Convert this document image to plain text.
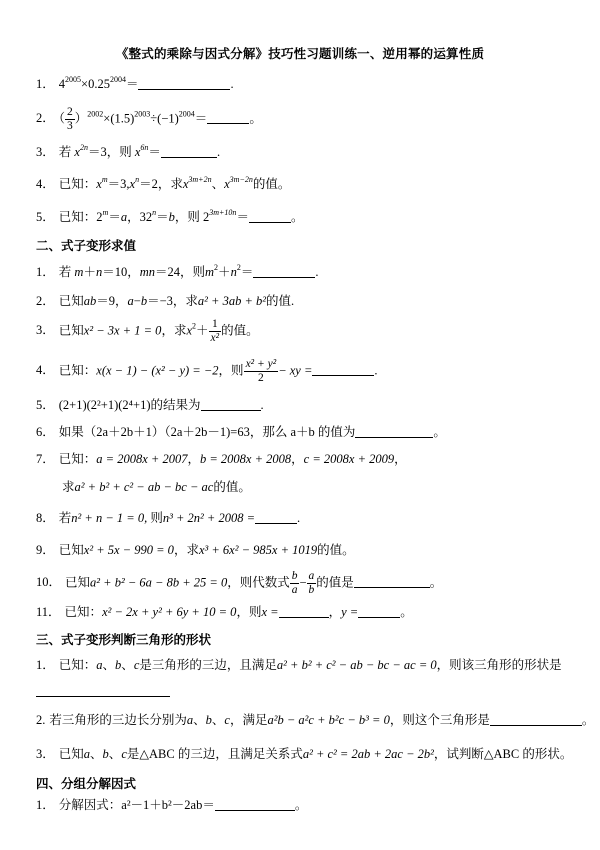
《整式的乘除与因式分解》技巧性习题训练一、逆用幂的运算性质
1． $4^{2005}\times 0.25^{2004}=$	.
2． （ $\frac{2}{3} )^{2002}\times(1.5)^{2003}\div(-1)^{2004}=$	。
3． 若 $x^{2n}=3$，则 $x^{6n}=$	.
4． 已知：$x^m=3,x^n=2$，求$x^{3m+2n}$、$x^{3m-2n}$的值。
5． 已知：$2^m=a$，$32^n=b$，则 $2^{3m+10n}=$	。
二、式子变形求值
1． 若 m＋n＝10，mn＝24，则$m^2+n^2=$	.
2． 已知ab＝9，a−b＝−3，求a² + 3ab + b²的值.
3． 已知x² − 3x + 1 = 0，求$x^2+ \frac{1}{\text{x²}}$ 的值。
4． 已知：x(x − 1) − (x² − y) = −2，则 $\frac{\text{x² + y²}}{2}$ − xy =	.
5． (2+1)(2²+1)(2⁴+1)的结果为	.
6． 如果（2a＋2b＋1）（2a＋2b－1)=63，那么 a＋b 的值为	。
7． 已知：a = 2008x + 2007，b = 2008x + 2008，c = 2008x + 2009，
求a² + b² + c² − ab − bc − ac的值。
8． 若n² + n − 1 = 0, 则n³ + 2n² + 2008 =	.
9． 已知x² + 5x − 990 = 0，求x³ + 6x² − 985x + 1019的值。
10． 已知a² + b² − 6a − 8b + 25 = 0，则代数式 $\frac{b}{a} - \frac{a}{b}$ 的值是	。
11． 已知：x² − 2x + y² + 6y + 10 = 0，则x =	，y =	。
三、式子变形判断三角形的形状
1． 已知：a、b、c是三角形的三边，且满足a² + b² + c² − ab − bc − ac = 0，则该三角形的形状是
2. 若三角形的三边长分别为a、b、c，满足a²b − a²c + b²c − b³ = 0，则这个三角形是	。
3． 已知a、b、c是△ABC 的三边，且满足关系式a² + c² = 2ab + 2ac − 2b²，试判断△ABC 的形状。
四、分组分解因式
1． 分解因式：a²－1＋b²－2ab＝	。
